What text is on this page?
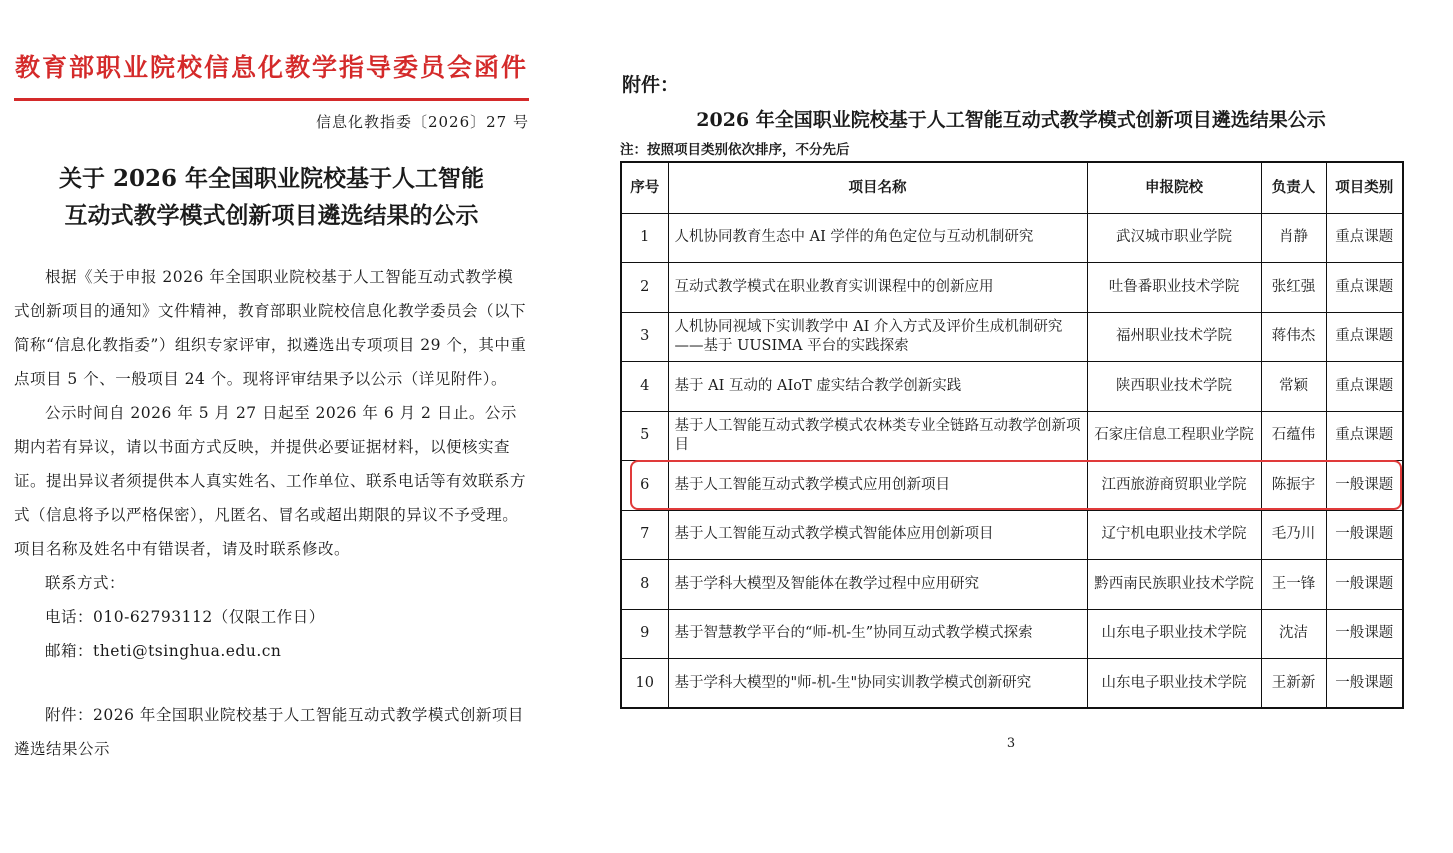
教育部职业院校信息化教学指导委员会函件
信息化教指委〔2026〕27 号
关于 2026 年全国职业院校基于人工智能
互动式教学模式创新项目遴选结果的公示

根据《关于申报 2026 年全国职业院校基于人工智能互动式教学模式创新项目的通知》文件精神，教育部职业院校信息化教学委员会（以下简称“信息化教指委”）组织专家评审，拟遴选出专项项目 29 个，其中重点项目 5 个、一般项目 24 个。现将评审结果予以公示（详见附件）。

公示时间自 2026 年 5 月 27 日起至 2026 年 6 月 2 日止。公示期内若有异议，请以书面方式反映，并提供必要证据材料，以便核实查证。提出异议者须提供本人真实姓名、工作单位、联系电话等有效联系方式（信息将予以严格保密），凡匿名、冒名或超出期限的异议不予受理。项目名称及姓名中有错误者，请及时联系修改。

联系方式：

电话：010-62793112（仅限工作日）

邮箱：theti@tsinghua.edu.cn

附件：2026 年全国职业院校基于人工智能互动式教学模式创新项目遴选结果公示

附件：
2026 年全国职业院校基于人工智能互动式教学模式创新项目遴选结果公示
注：按照项目类别依次排序，不分先后
序号	项目名称	申报院校	负责人	项目类别
1	人机协同教育生态中 AI 学伴的角色定位与互动机制研究	武汉城市职业学院	肖静	重点课题
2	互动式教学模式在职业教育实训课程中的创新应用	吐鲁番职业技术学院	张红强	重点课题
3	人机协同视域下实训教学中 AI 介入方式及评价生成机制研究
——基于 UUSIMA 平台的实践探索	福州职业技术学院	蒋伟杰	重点课题
4	基于 AI 互动的 AIoT 虚实结合教学创新实践	陕西职业技术学院	常颖	重点课题
5	基于人工智能互动式教学模式农林类专业全链路互动教学创新项目	石家庄信息工程职业学院	石蕴伟	重点课题
6	基于人工智能互动式教学模式应用创新项目	江西旅游商贸职业学院	陈振宇	一般课题
7	基于人工智能互动式教学模式智能体应用创新项目	辽宁机电职业技术学院	毛乃川	一般课题
8	基于学科大模型及智能体在教学过程中应用研究	黔西南民族职业技术学院	王一锋	一般课题
9	基于智慧教学平台的“师-机-生”协同互动式教学模式探索	山东电子职业技术学院	沈洁	一般课题
10	基于学科大模型的"师-机-生"协同实训教学模式创新研究	山东电子职业技术学院	王新新	一般课题
3
